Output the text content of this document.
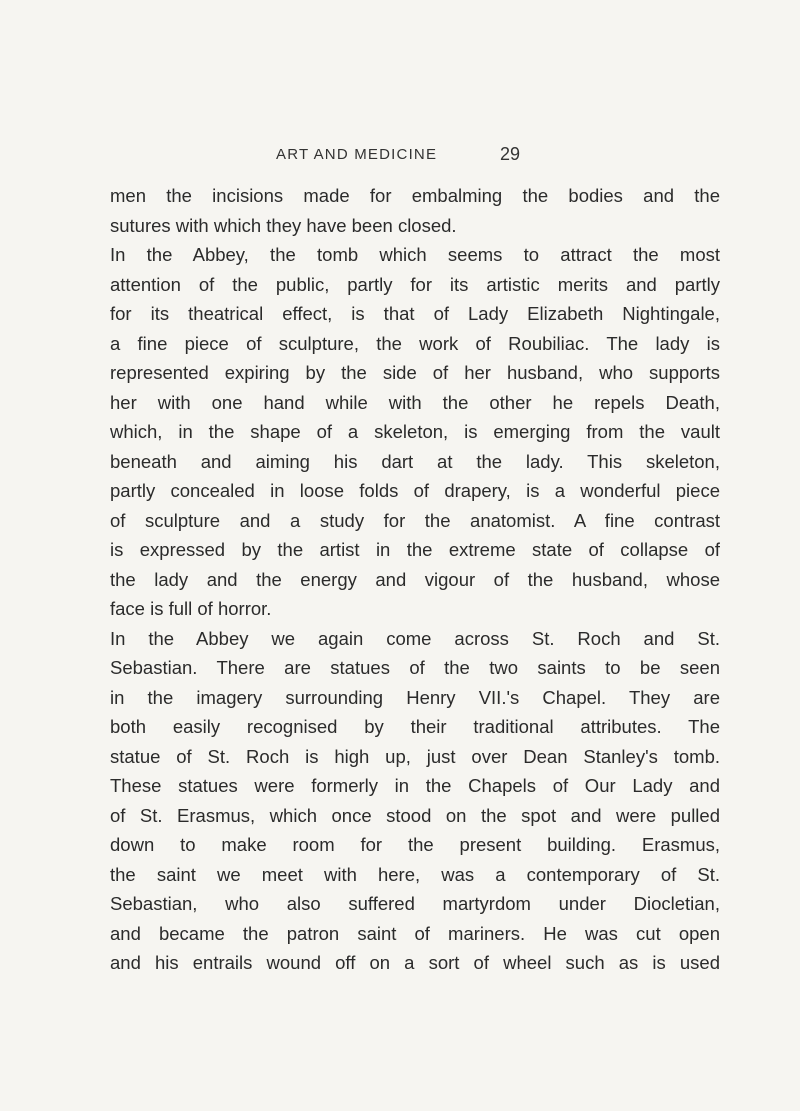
ART AND MEDICINE	29
men the incisions made for embalming the bodies and the
sutures with which they have been closed.
In the Abbey, the tomb which seems to attract the most
attention of the public, partly for its artistic merits and partly
for its theatrical effect, is that of Lady Elizabeth Nightingale,
a fine piece of sculpture, the work of Roubiliac. The lady is
represented expiring by the side of her husband, who supports
her with one hand while with the other he repels Death,
which, in the shape of a skeleton, is emerging from the vault
beneath and aiming his dart at the lady. This skeleton,
partly concealed in loose folds of drapery, is a wonderful piece
of sculpture and a study for the anatomist. A fine contrast
is expressed by the artist in the extreme state of collapse of
the lady and the energy and vigour of the husband, whose
face is full of horror.
In the Abbey we again come across St. Roch and St.
Sebastian. There are statues of the two saints to be seen
in the imagery surrounding Henry VII.'s Chapel. They are
both easily recognised by their traditional attributes. The
statue of St. Roch is high up, just over Dean Stanley's tomb.
These statues were formerly in the Chapels of Our Lady and
of St. Erasmus, which once stood on the spot and were pulled
down to make room for the present building. Erasmus,
the saint we meet with here, was a contemporary of St.
Sebastian, who also suffered martyrdom under Diocletian,
and became the patron saint of mariners. He was cut open
and his entrails wound off on a sort of wheel such as is used
